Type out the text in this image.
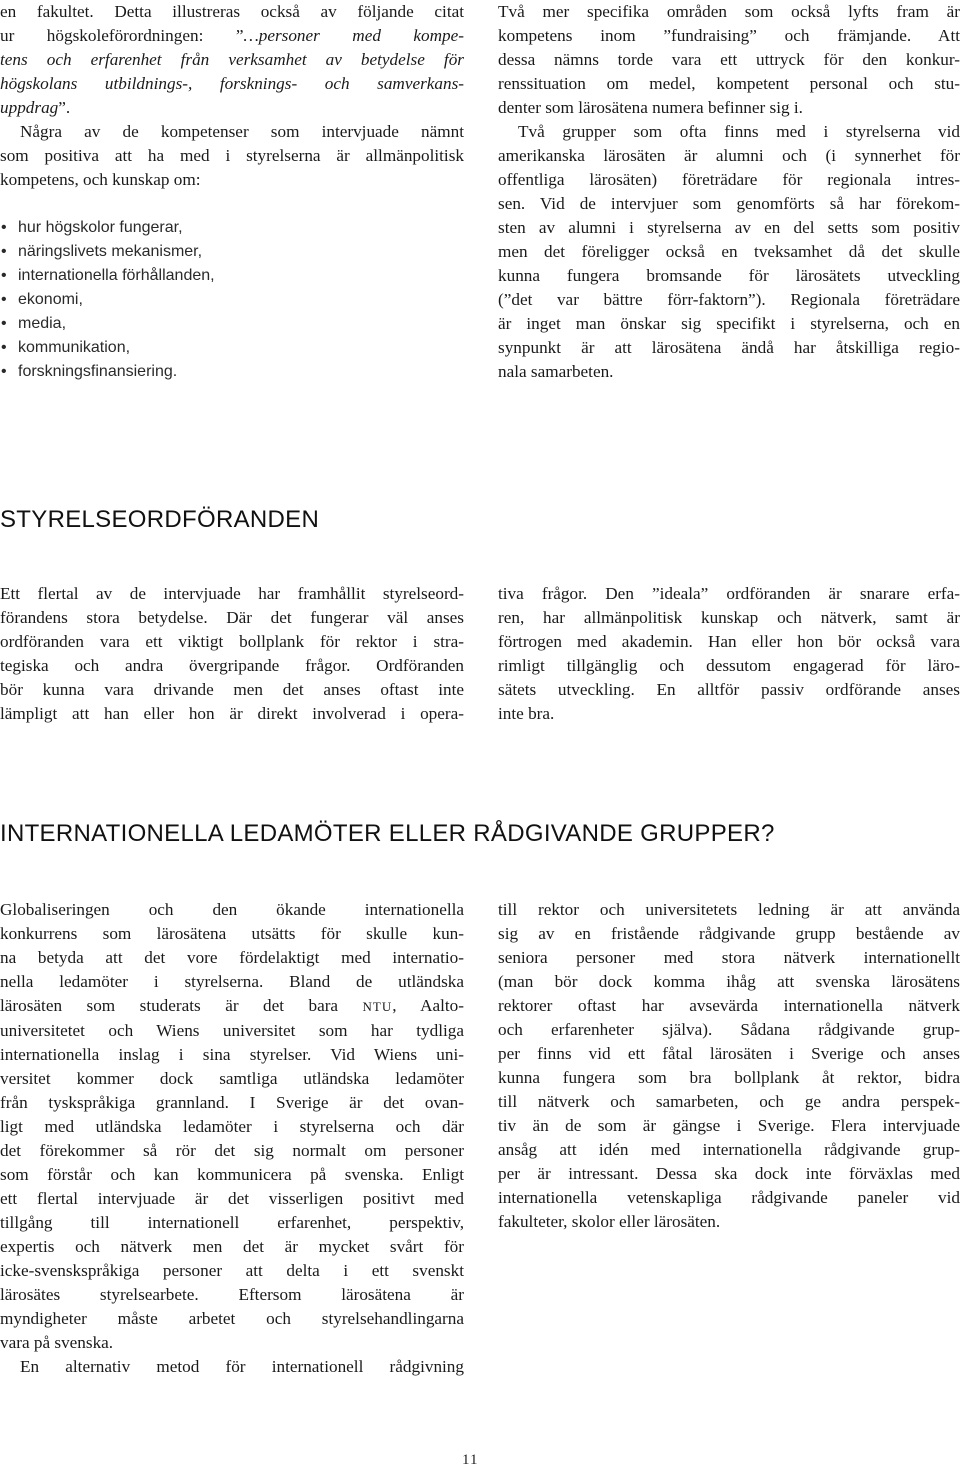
en fakultet. Detta illustreras också av följande citat
ur högskoleförordningen: ”…personer med kompe-
tens och erfarenhet från verksamhet av betydelse för
högskolans utbildnings-, forsknings- och samverkans-
uppdrag”.
Några av de kompetenser som intervjuade nämnt
som positiva att ha med i styrelserna är allmänpolitisk
kompetens, och kunskap om:
• hur högskolor fungerar,
• näringslivets mekanismer,
• internationella förhållanden,
• ekonomi,
• media,
• kommunikation,
• forskningsfinansiering.
Två mer specifika områden som också lyfts fram är
kompetens inom ”fundraising” och främjande. Att
dessa nämns torde vara ett uttryck för den konkur-
renssituation om medel, kompetent personal och stu-
denter som lärosätena numera befinner sig i.
Två grupper som ofta finns med i styrelserna vid
amerikanska lärosäten är alumni och (i synnerhet för
offentliga lärosäten) företrädare för regionala intres-
sen. Vid de intervjuer som genomförts så har förekom-
sten av alumni i styrelserna av en del setts som positiv
men det föreligger också en tveksamhet då det skulle
kunna fungera bromsande för lärosätets utveckling
(”det var bättre förr-faktorn”). Regionala företrädare
är inget man önskar sig specifikt i styrelserna, och en
synpunkt är att lärosätena ändå har åtskilliga regio-
nala samarbeten.
STYRELSEORDFÖRANDEN
Ett flertal av de intervjuade har framhållit styrelseord-
förandens stora betydelse. Där det fungerar väl anses
ordföranden vara ett viktigt bollplank för rektor i stra-
tegiska och andra övergripande frågor. Ordföranden
bör kunna vara drivande men det anses oftast inte
lämpligt att han eller hon är direkt involverad i opera-
tiva frågor. Den ”ideala” ordföranden är snarare erfa-
ren, har allmänpolitisk kunskap och nätverk, samt är
förtrogen med akademin. Han eller hon bör också vara
rimligt tillgänglig och dessutom engagerad för läro-
sätets utveckling. En alltför passiv ordförande anses
inte bra.
INTERNATIONELLA LEDAMÖTER ELLER RÅDGIVANDE GRUPPER?
Globaliseringen och den ökande internationella
konkurrens som lärosätena utsätts för skulle kun-
na betyda att det vore fördelaktigt med internatio-
nella ledamöter i styrelserna. Bland de utländska
lärosäten som studerats är det bara NTU, Aalto-
universitetet och Wiens universitet som har tydliga
internationella inslag i sina styrelser. Vid Wiens uni-
versitet kommer dock samtliga utländska ledamöter
från tyskspråkiga grannland. I Sverige är det ovan-
ligt med utländska ledamöter i styrelserna och där
det förekommer så rör det sig normalt om personer
som förstår och kan kommunicera på svenska. Enligt
ett flertal intervjuade är det visserligen positivt med
tillgång till internationell erfarenhet, perspektiv,
expertis och nätverk men det är mycket svårt för
icke-svenskspråkiga personer att delta i ett svenskt
lärosätes styrelsearbete. Eftersom lärosätena är
myndigheter måste arbetet och styrelsehandlingarna
vara på svenska.
En alternativ metod för internationell rådgivning
till rektor och universitetets ledning är att använda
sig av en fristående rådgivande grupp bestående av
seniora personer med stora nätverk internationellt
(man bör dock komma ihåg att svenska lärosätens
rektorer oftast har avsevärda internationella nätverk
och erfarenheter själva). Sådana rådgivande grup-
per finns vid ett fåtal lärosäten i Sverige och anses
kunna fungera som bra bollplank åt rektor, bidra
till nätverk och samarbeten, och ge andra perspek-
tiv än de som är gängse i Sverige. Flera intervjuade
ansåg att idén med internationella rådgivande grup-
per är intressant. Dessa ska dock inte förväxlas med
internationella vetenskapliga rådgivande paneler vid
fakulteter, skolor eller lärosäten.
11
